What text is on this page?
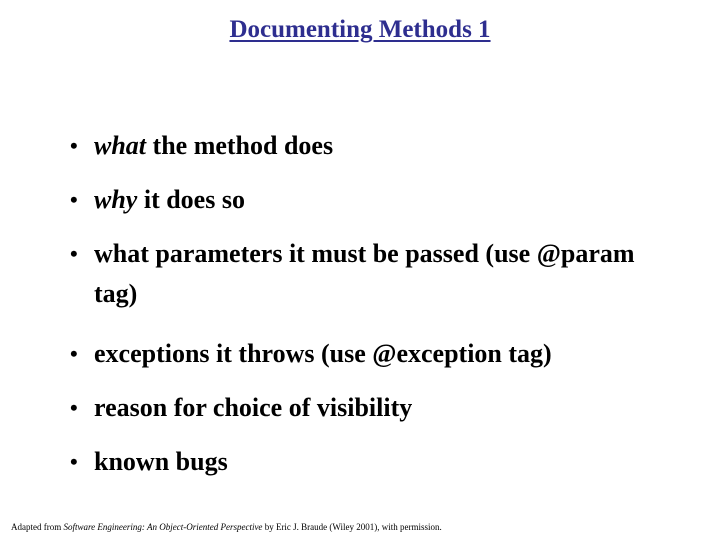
Documenting Methods 1
• what the method does
• why it does so
• what parameters it must be passed (use @param tag)
• exceptions it throws (use @exception tag)
• reason for choice of visibility
• known bugs
Adapted from Software Engineering: An Object-Oriented Perspective by Eric J. Braude (Wiley 2001), with permission.
